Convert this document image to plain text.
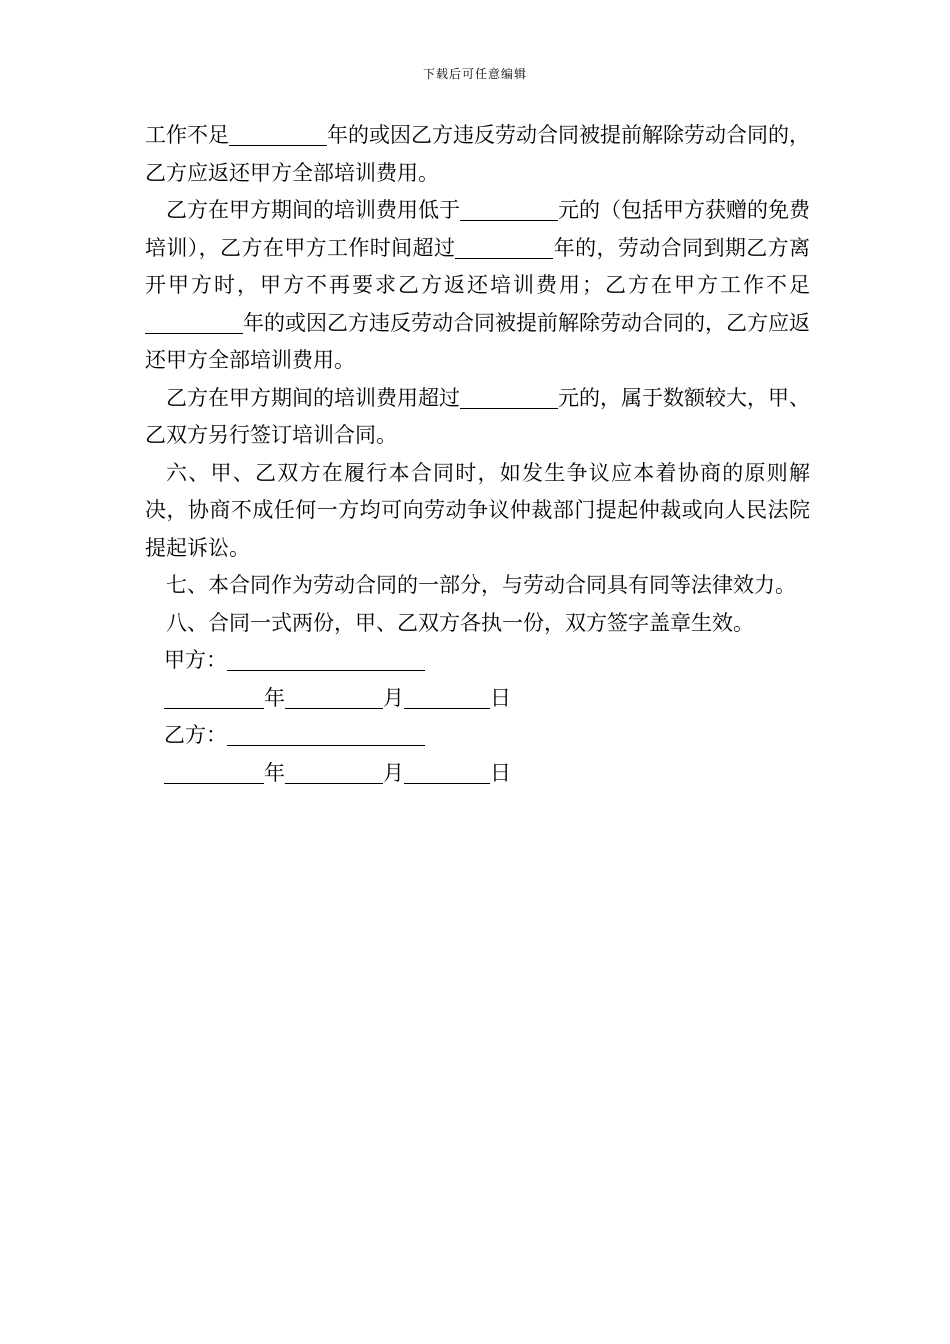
下载后可任意编辑

工作不足	年的或因乙方违反劳动合同被提前解除劳动合同的，乙方应返还甲方全部培训费用。

乙方在甲方期间的培训费用低于	元的（包括甲方获赠的免费培训），乙方在甲方工作时间超过	年的，劳动合同到期乙方离开甲方时，甲方不再要求乙方返还培训费用；乙方在甲方工作不足年的或因乙方违反劳动合同被提前解除劳动合同的，乙方应返还甲方全部培训费用。

乙方在甲方期间的培训费用超过	元的，属于数额较大，甲、乙双方另行签订培训合同。

六、甲、乙双方在履行本合同时，如发生争议应本着协商的原则解决，协商不成任何一方均可向劳动争议仲裁部门提起仲裁或向人民法院提起诉讼。

七、本合同作为劳动合同的一部分，与劳动合同具有同等法律效力。

八、合同一式两份，甲、乙双方各执一份，双方签字盖章生效。

甲方：

年	月	日

乙方：

年	月	日
